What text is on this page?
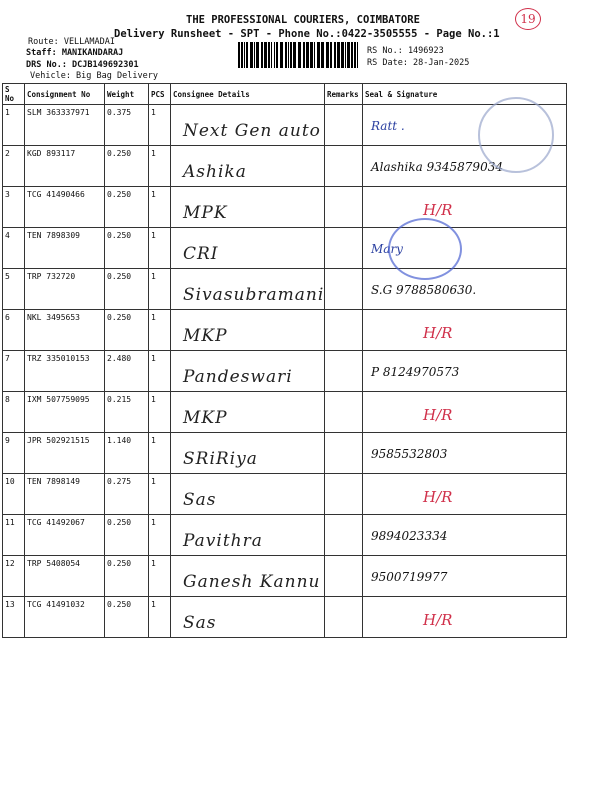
THE PROFESSIONAL COURIERS, COIMBATORE
Delivery Runsheet - SPT - Phone No.:0422-3505555 - Page No.:1
19
Route: VELLAMADAI
Staff: MANIKANDARAJ
DRS No.: DCJB149692301
Vehicle: Big Bag Delivery
RS No.: 1496923
RS Date: 28-Jan-2025
S No	Consignment No	Weight	PCS	Consignee Details	Remarks	Seal & Signature
1	SLM 363337971	0.375	1	Next Gen auto		Ratt .

2	KGD 893117	0.250	1	Ashika		Alashika 9345879034

3	TCG 41490466	0.250	1	MPK		H/R

4	TEN 7898309	0.250	1	CRI		Mary

5	TRP 732720	0.250	1	Sivasubramani		S.G 9788580630.

6	NKL 3495653	0.250	1	MKP		H/R

7	TRZ 335010153	2.480	1	Pandeswari		P 8124970573

8	IXM 507759095	0.215	1	MKP		H/R

9	JPR 502921515	1.140	1	SRiRiya		9585532803

10	TEN 7898149	0.275	1	Sas		H/R

11	TCG 41492067	0.250	1	Pavithra		9894023334

12	TRP 5408054	0.250	1	Ganesh Kannu		9500719977

13	TCG 41491032	0.250	1	Sas		H/R
